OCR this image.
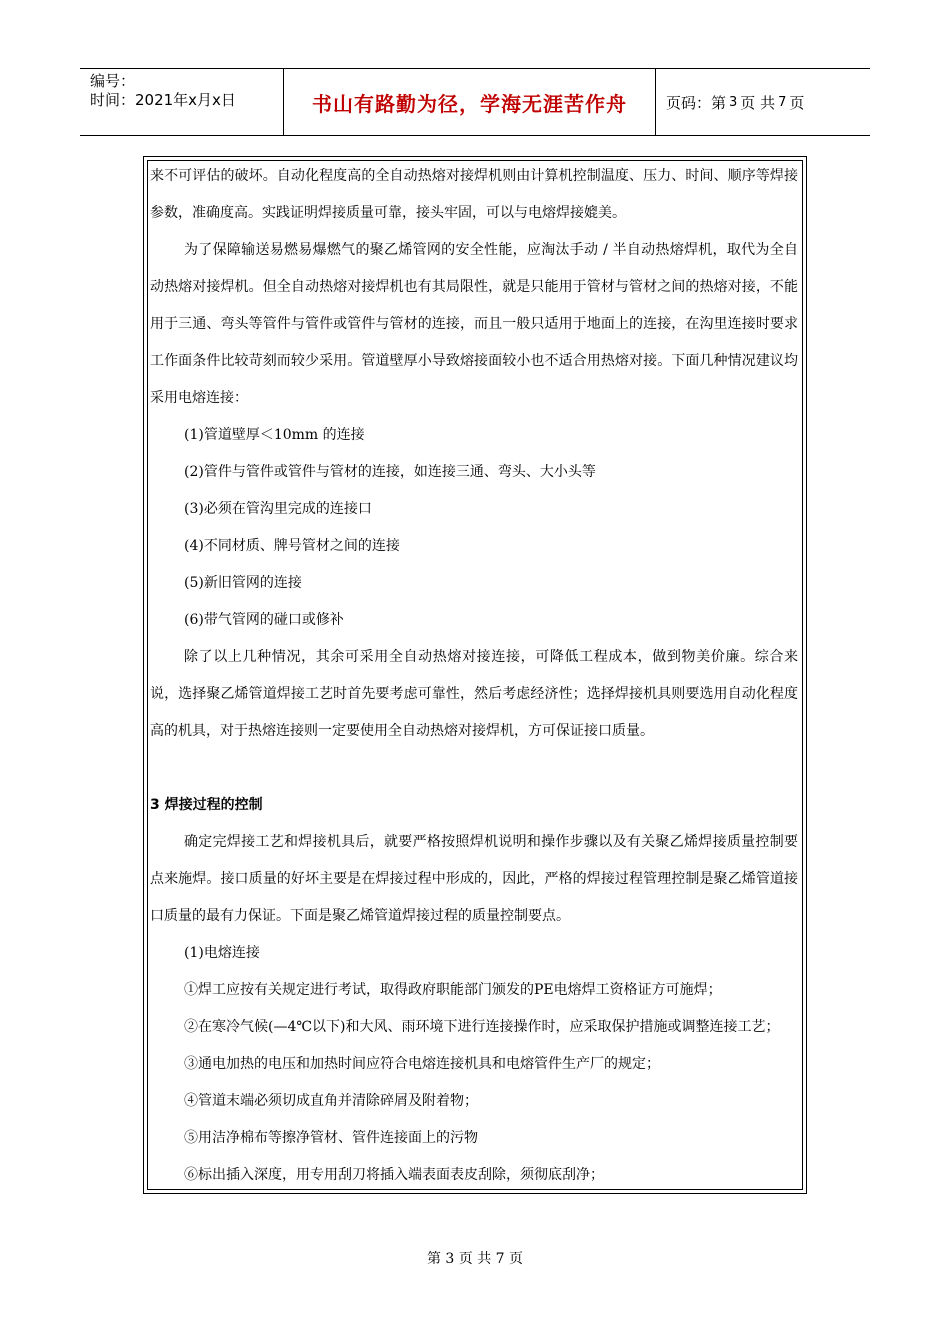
编号：
时间：2021年x月x日	书山有路勤为径，学海无涯苦作舟	页码：第 3 页 共 7 页
来不可评估的破坏。自动化程度高的全自动热熔对接焊机则由计算机控制温度、压力、时间、顺序等焊接
参数，准确度高。实践证明焊接质量可靠，接头牢固，可以与电熔焊接媲美。
为了保障输送易燃易爆燃气的聚乙烯管网的安全性能，应淘汰手动 / 半自动热熔焊机，取代为全自
动热熔对接焊机。但全自动热熔对接焊机也有其局限性，就是只能用于管材与管材之间的热熔对接，不能
用于三通、弯头等管件与管件或管件与管材的连接，而且一般只适用于地面上的连接，在沟里连接时要求
工作面条件比较苛刻而较少采用。管道壁厚小导致熔接面较小也不适合用热熔对接。下面几种情况建议均
采用电熔连接：
(1)管道壁厚＜10mm 的连接
(2)管件与管件或管件与管材的连接，如连接三通、弯头、大小头等
(3)必须在管沟里完成的连接口
(4)不同材质、牌号管材之间的连接
(5)新旧管网的连接
(6)带气管网的碰口或修补
除了以上几种情况，其余可采用全自动热熔对接连接，可降低工程成本，做到物美价廉。综合来
说，选择聚乙烯管道焊接工艺时首先要考虑可靠性，然后考虑经济性；选择焊接机具则要选用自动化程度
高的机具，对于热熔连接则一定要使用全自动热熔对接焊机，方可保证接口质量。
3 焊接过程的控制
确定完焊接工艺和焊接机具后，就要严格按照焊机说明和操作步骤以及有关聚乙烯焊接质量控制要
点来施焊。接口质量的好坏主要是在焊接过程中形成的，因此，严格的焊接过程管理控制是聚乙烯管道接
口质量的最有力保证。下面是聚乙烯管道焊接过程的质量控制要点。
(1)电熔连接
①焊工应按有关规定进行考试，取得政府职能部门颁发的PE电熔焊工资格证方可施焊；
②在寒冷气候(—4℃以下)和大风、雨环境下进行连接操作时，应采取保护措施或调整连接工艺；
③通电加热的电压和加热时间应符合电熔连接机具和电熔管件生产厂的规定；
④管道末端必须切成直角并清除碎屑及附着物；
⑤用洁净棉布等擦净管材、管件连接面上的污物
⑥标出插入深度，用专用刮刀将插入端表面表皮刮除，须彻底刮净；
第 3 页 共 7 页
